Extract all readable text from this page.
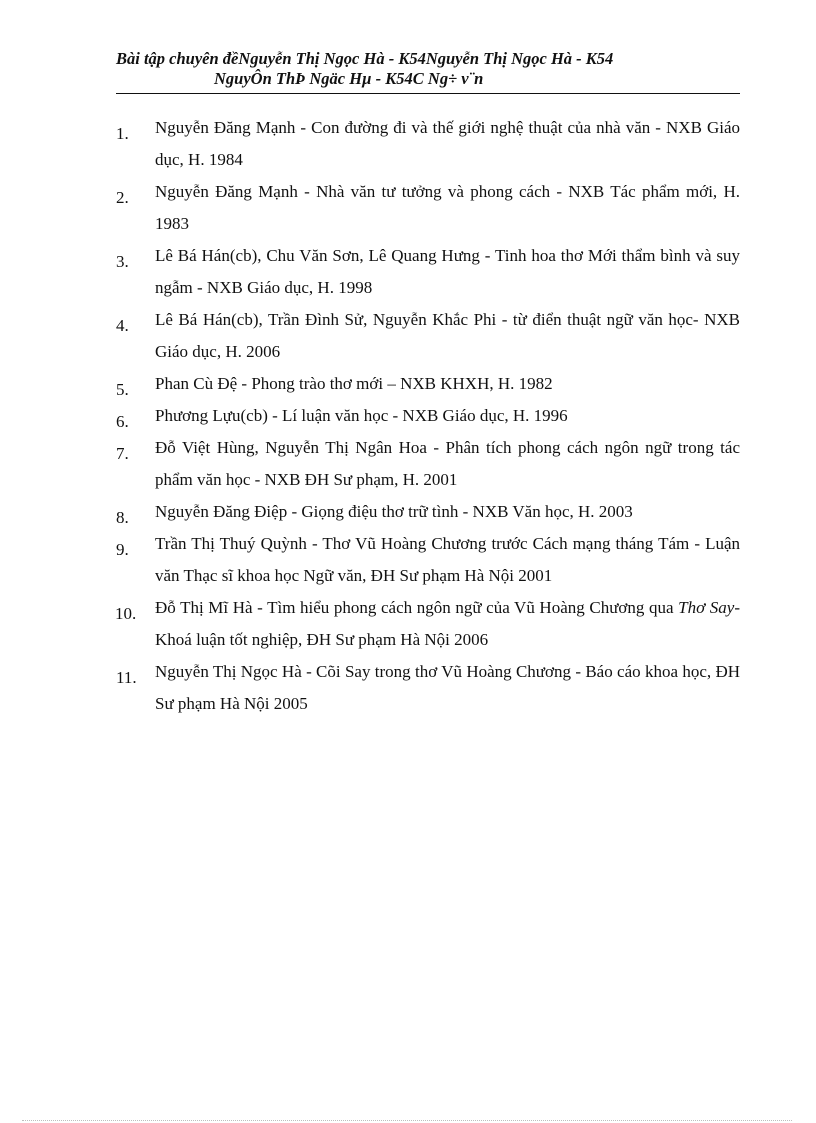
Bài tập chuyên đềNguyễn Thị Ngọc Hà - K54Nguyễn Thị Ngọc Hà - K54
NguyÔn ThÞ Ngäc Hµ - K54C Ng÷ v¨n
1. Nguyễn Đăng Mạnh - Con đường đi và thế giới nghệ thuật của nhà văn - NXB Giáo dục, H. 1984
2. Nguyễn Đăng Mạnh - Nhà văn tư tưởng và phong cách - NXB Tác phẩm mới, H. 1983
3. Lê Bá Hán(cb), Chu Văn Sơn, Lê Quang Hưng - Tinh hoa thơ Mới thẩm bình và suy ngẫm - NXB Giáo dục, H. 1998
4. Lê Bá Hán(cb), Trần Đình Sử, Nguyễn Khắc Phi - từ điển thuật ngữ văn học- NXB Giáo dục, H. 2006
5. Phan Cù Đệ - Phong trào thơ mới – NXB KHXH, H. 1982
6. Phương Lựu(cb) - Lí luận văn học - NXB Giáo dục, H. 1996
7. Đỗ Việt Hùng, Nguyễn Thị Ngân Hoa - Phân tích phong cách ngôn ngữ trong tác phẩm văn học - NXB ĐH Sư phạm, H. 2001
8. Nguyễn Đăng Điệp - Giọng điệu thơ trữ tình - NXB Văn học, H. 2003
9. Trần Thị Thuý Quỳnh - Thơ Vũ Hoàng Chương trước Cách mạng tháng Tám - Luận văn Thạc sĩ khoa học Ngữ văn, ĐH Sư phạm Hà Nội 2001
10. Đỗ Thị Mĩ Hà - Tìm hiểu phong cách ngôn ngữ của Vũ Hoàng Chương qua Thơ Say- Khoá luận tốt nghiệp, ĐH Sư phạm Hà Nội 2006
11. Nguyễn Thị Ngọc Hà - Cõi Say trong thơ Vũ Hoàng Chương - Báo cáo khoa học, ĐH Sư phạm Hà Nội 2005
